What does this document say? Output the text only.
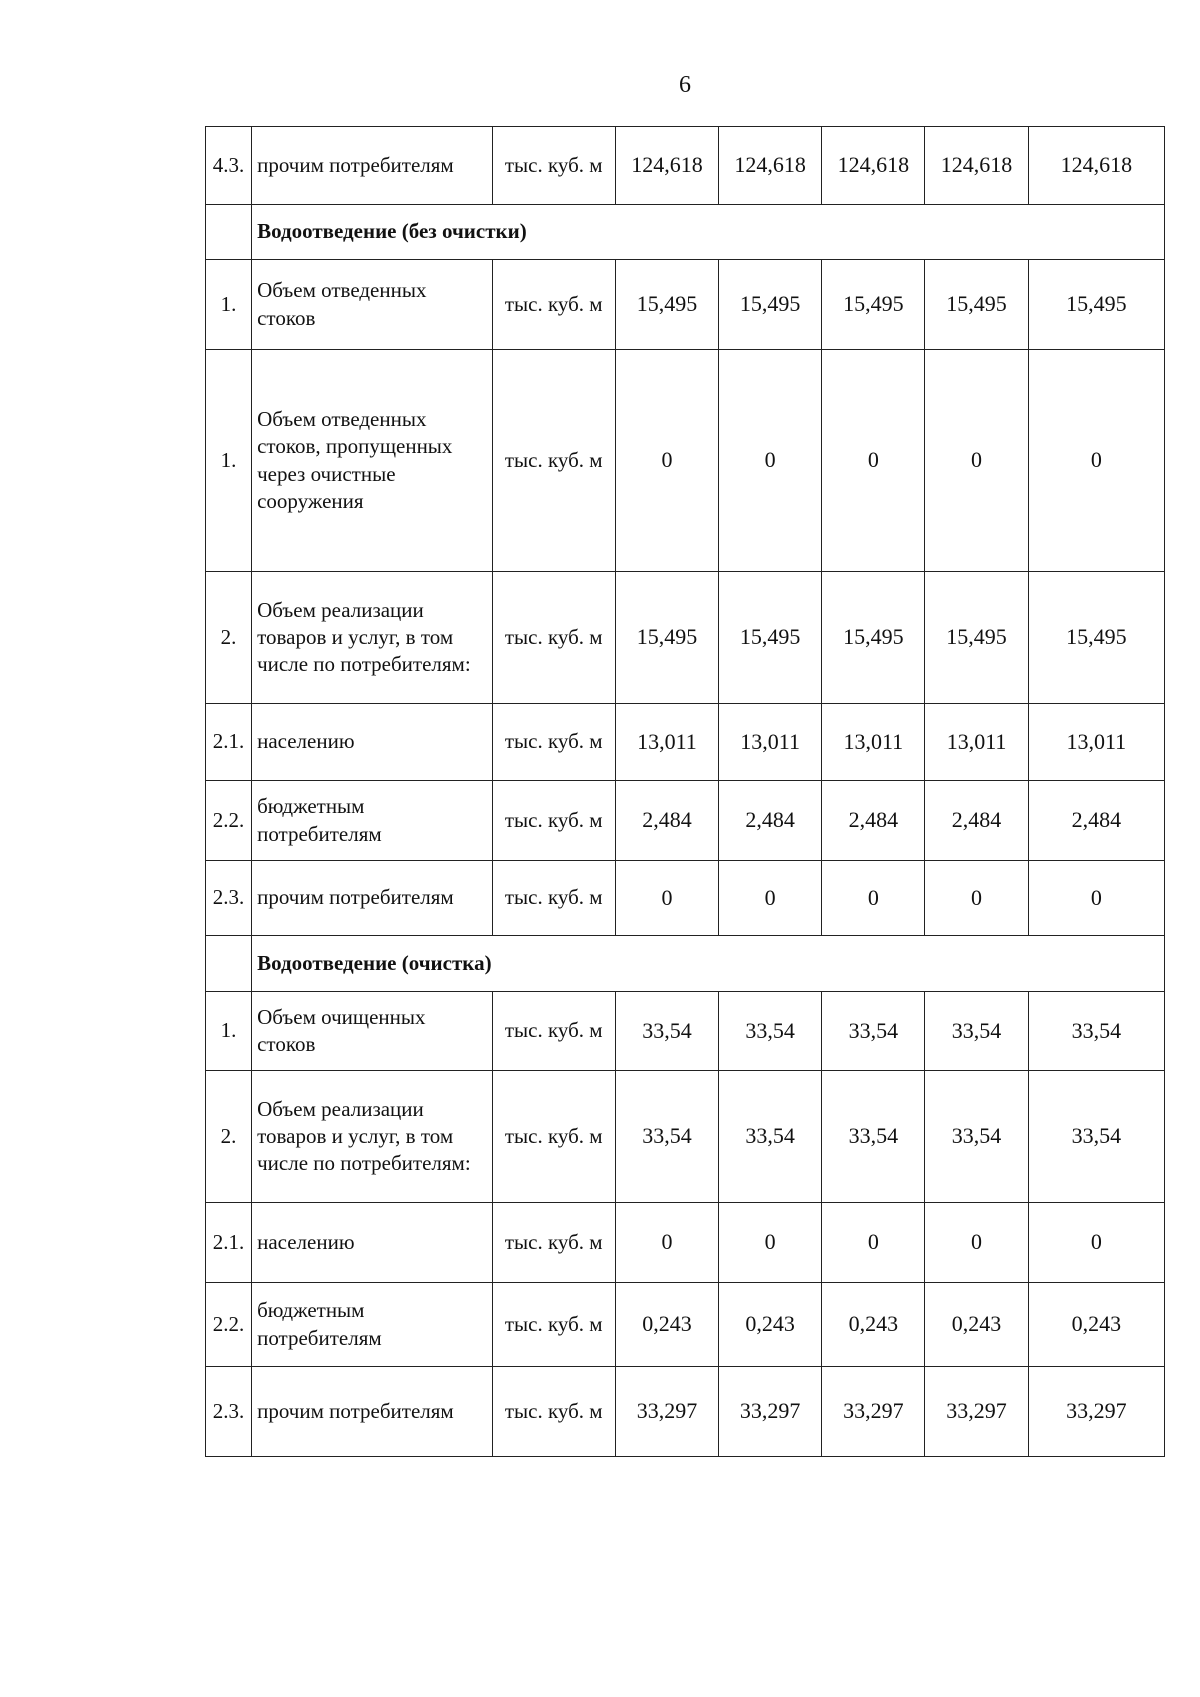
6
4.3.	прочим потребителям	тыс. куб. м	124,618	124,618	124,618	124,618	124,618
	Водоотведение (без очистки)						
1.	Объем отведенных стоков	тыс. куб. м	15,495	15,495	15,495	15,495	15,495
1.	Объем отведенных стоков, пропущенных через очистные сооружения	тыс. куб. м	0	0	0	0	0
2.	Объем реализации товаров и услуг, в том числе по потребителям:	тыс. куб. м	15,495	15,495	15,495	15,495	15,495
2.1.	населению	тыс. куб. м	13,011	13,011	13,011	13,011	13,011
2.2.	бюджетным потребителям	тыс. куб. м	2,484	2,484	2,484	2,484	2,484
2.3.	прочим потребителям	тыс. куб. м	0	0	0	0	0
	Водоотведение (очистка)						
1.	Объем очищенных стоков	тыс. куб. м	33,54	33,54	33,54	33,54	33,54
2.	Объем реализации товаров и услуг, в том числе по потребителям:	тыс. куб. м	33,54	33,54	33,54	33,54	33,54
2.1.	населению	тыс. куб. м	0	0	0	0	0
2.2.	бюджетным потребителям	тыс. куб. м	0,243	0,243	0,243	0,243	0,243
2.3.	прочим потребителям	тыс. куб. м	33,297	33,297	33,297	33,297	33,297
